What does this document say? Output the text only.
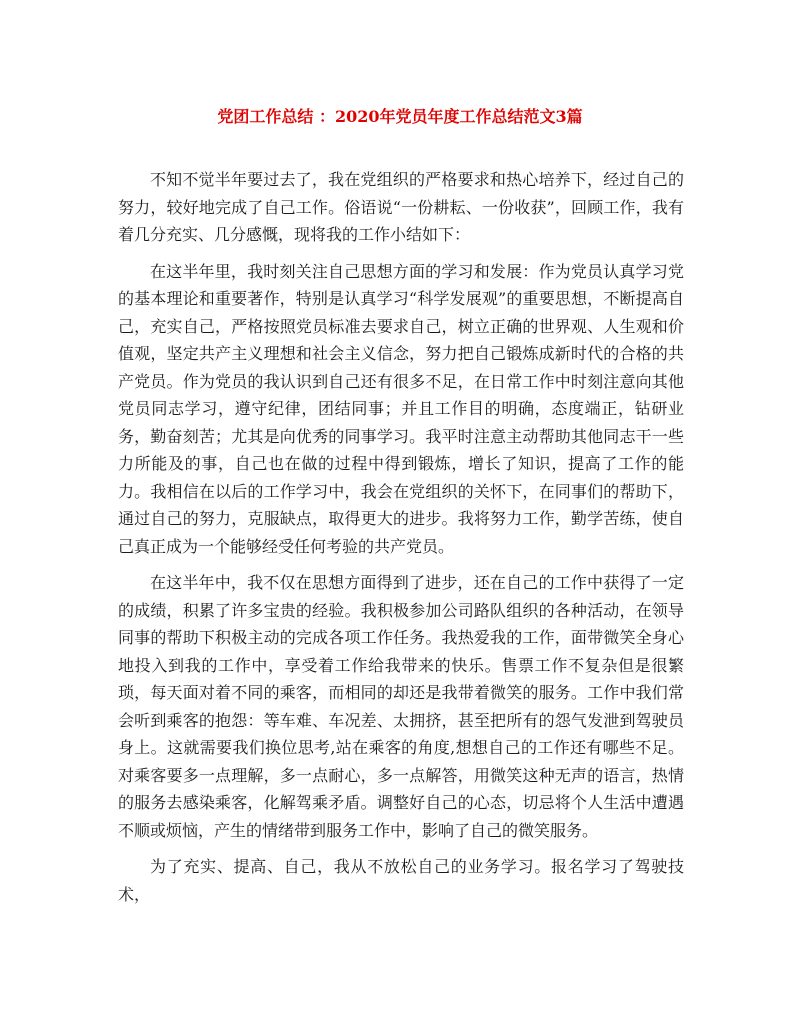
党团工作总结 ：2020年党员年度工作总结范文3篇

不知不觉半年要过去了，我在党组织的严格要求和热心培养下，经过自己的努力，较好地完成了自己工作。俗语说“一份耕耘、一份收获”，回顾工作，我有着几分充实、几分感慨，现将我的工作小结如下：

在这半年里，我时刻关注自己思想方面的学习和发展：作为党员认真学习党的基本理论和重要著作，特别是认真学习“科学发展观”的重要思想，不断提高自己，充实自己，严格按照党员标准去要求自己，树立正确的世界观、人生观和价值观，坚定共产主义理想和社会主义信念，努力把自己锻炼成新时代的合格的共产党员。作为党员的我认识到自己还有很多不足，在日常工作中时刻注意向其他党员同志学习，遵守纪律，团结同事；并且工作目的明确，态度端正，钻研业务，勤奋刻苦；尤其是向优秀的同事学习。我平时注意主动帮助其他同志干一些力所能及的事，自己也在做的过程中得到锻炼，增长了知识，提高了工作的能力。我相信在以后的工作学习中，我会在党组织的关怀下，在同事们的帮助下，通过自己的努力，克服缺点，取得更大的进步。我将努力工作，勤学苦练，使自己真正成为一个能够经受任何考验的共产党员。

在这半年中，我不仅在思想方面得到了进步，还在自己的工作中获得了一定的成绩，积累了许多宝贵的经验。我积极参加公司路队组织的各种活动，在领导同事的帮助下积极主动的完成各项工作任务。我热爱我的工作，面带微笑全身心地投入到我的工作中，享受着工作给我带来的快乐。售票工作不复杂但是很繁琐，每天面对着不同的乘客，而相同的却还是我带着微笑的服务。工作中我们常会听到乘客的抱怨：等车难、车况差、太拥挤，甚至把所有的怨气发泄到驾驶员身上。这就需要我们换位思考,站在乘客的角度,想想自己的工作还有哪些不足。对乘客要多一点理解，多一点耐心，多一点解答，用微笑这种无声的语言，热情的服务去感染乘客，化解驾乘矛盾。调整好自己的心态，切忌将个人生活中遭遇不顺或烦恼，产生的情绪带到服务工作中，影响了自己的微笑服务。

为了充实、提高、自己，我从不放松自己的业务学习。报名学习了驾驶技术，
